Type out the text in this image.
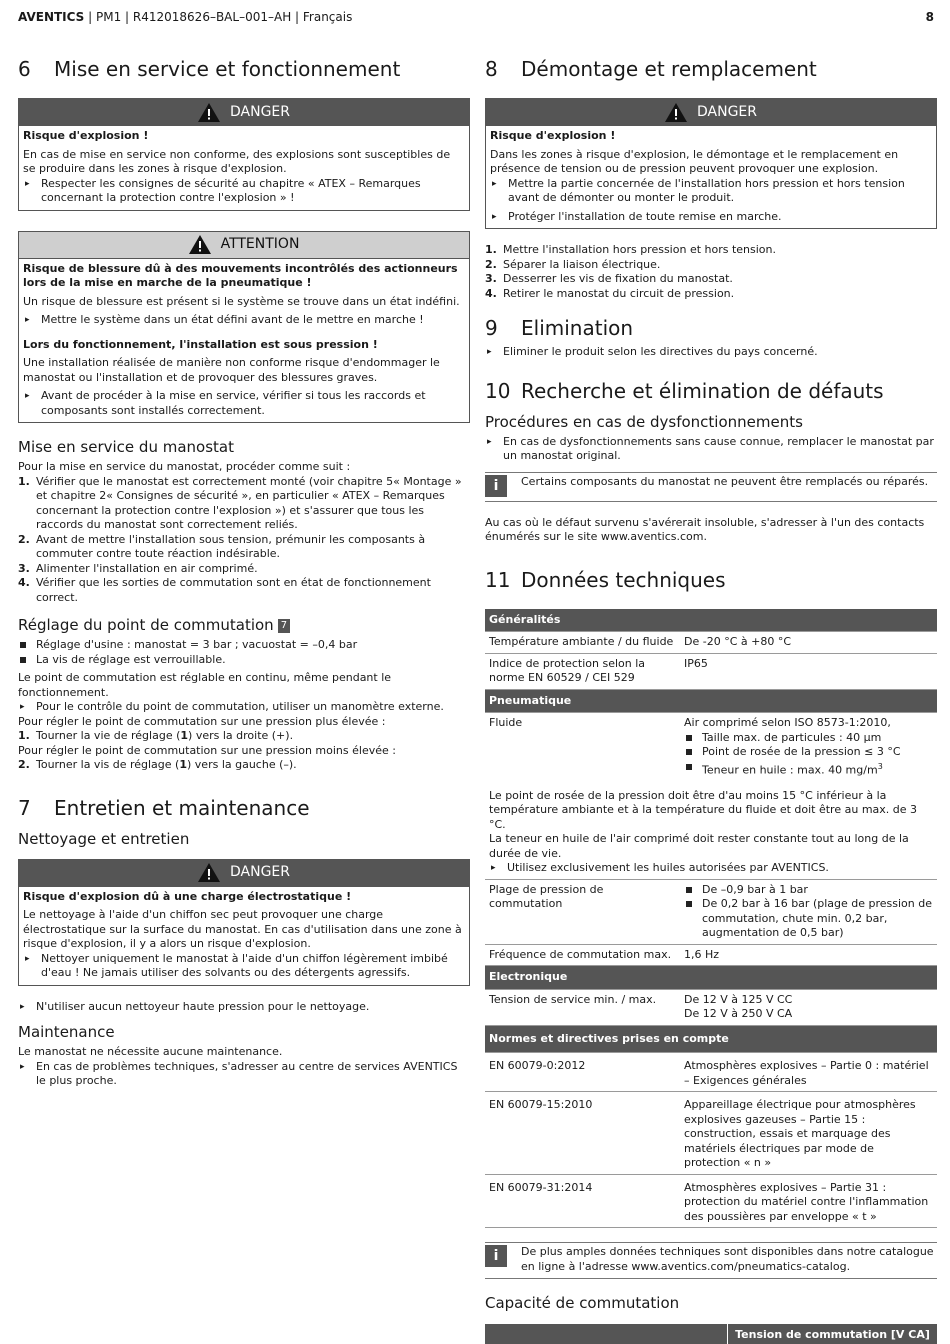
AVENTICS | PM1 | R412018626–BAL–001–AH | Français	8
6	Mise en service et fonctionnement
DANGER

Risque d'explosion !

En cas de mise en service non conforme, des explosions sont susceptibles de se produire dans les zones à risque d'explosion.

▸ Respecter les consignes de sécurité au chapitre « ATEX – Remarques concernant la protection contre l'explosion » !

ATTENTION

Risque de blessure dû à des mouvements incontrôlés des actionneurs lors de la mise en marche de la pneumatique !

Un risque de blessure est présent si le système se trouve dans un état indéfini.

▸ Mettre le système dans un état défini avant de le mettre en marche !

Lors du fonctionnement, l'installation est sous pression !

Une installation réalisée de manière non conforme risque d'endommager le manostat ou l'installation et de provoquer des blessures graves.

▸ Avant de procéder à la mise en service, vérifier si tous les raccords et composants sont installés correctement.

Mise en service du manostat

Pour la mise en service du manostat, procéder comme suit :

1. Vérifier que le manostat est correctement monté (voir chapitre 5« Montage » et chapitre 2« Consignes de sécurité », en particulier « ATEX – Remarques concernant la protection contre l'explosion ») et s'assurer que tous les raccords du manostat sont correctement reliés.
2. Avant de mettre l'installation sous tension, prémunir les composants à commuter contre toute réaction indésirable.
3. Alimenter l'installation en air comprimé.
4. Vérifier que les sorties de commutation sont en état de fonctionnement correct.
Réglage du point de commutation 7

Réglage d'usine : manostat = 3 bar ; vacuostat = –0,4 bar

La vis de réglage est verrouillable.

Le point de commutation est réglable en continu, même pendant le fonctionnement.

▸ Pour le contrôle du point de commutation, utiliser un manomètre externe.

Pour régler le point de commutation sur une pression plus élevée :

1. Tourner la vie de réglage (1) vers la droite (+).

Pour régler le point de commutation sur une pression moins élevée :

2. Tourner la vis de réglage (1) vers la gauche (–).
7	Entretien et maintenance
Nettoyage et entretien
DANGER

Risque d'explosion dû à une charge électrostatique !

Le nettoyage à l'aide d'un chiffon sec peut provoquer une charge électrostatique sur la surface du manostat. En cas d'utilisation dans une zone à risque d'explosion, il y a alors un risque d'explosion.

▸ Nettoyer uniquement le manostat à l'aide d'un chiffon légèrement imbibé d'eau ! Ne jamais utiliser des solvants ou des détergents agressifs.

▸ N'utiliser aucun nettoyeur haute pression pour le nettoyage.

Maintenance

Le manostat ne nécessite aucune maintenance.

▸ En cas de problèmes techniques, s'adresser au centre de services AVENTICS le plus proche.

8	Démontage et remplacement
DANGER

Risque d'explosion !

Dans les zones à risque d'explosion, le démontage et le remplacement en présence de tension ou de pression peuvent provoquer une explosion.

▸ Mettre la partie concernée de l'installation hors pression et hors tension avant de démonter ou monter le produit.

▸ Protéger l'installation de toute remise en marche.

1. Mettre l'installation hors pression et hors tension.
2. Séparer la liaison électrique.
3. Desserrer les vis de fixation du manostat.
4. Retirer le manostat du circuit de pression.
9	Elimination

▸ Eliminer le produit selon les directives du pays concerné.

10 Recherche et élimination de défauts
Procédures en cas de dysfonctionnements

▸ En cas de dysfonctionnements sans cause connue, remplacer le manostat par un manostat original.

i	Certains composants du manostat ne peuvent être remplacés ou réparés.

Au cas où le défaut survenu s'avérerait insoluble, s'adresser à l'un des contacts énumérés sur le site www.aventics.com.

11 Données techniques
Généralités	
Température ambiante / du fluide	De -20 °C à +80 °C
Indice de protection selon la norme EN 60529 / CEI 529	IP65
Pneumatique	
Fluide	Air comprimé selon ISO 8573-1:2010,

Taille max. de particules : 40 µm

Point de rosée de la pression ≤ 3 °C

Teneur en huile : max. 40 $mg/m^3$

Le point de rosée de la pression doit être d'au moins 15 °C inférieur à la température ambiante et à la température du fluide et doit être au max. de 3 °C.

La teneur en huile de l'air comprimé doit rester constante tout au long de la durée de vie.

▸ Utilisez exclusivement les huiles autorisées par AVENTICS.

Plage de pression de commutation	De –0,9 bar à 1 bar

De 0,2 bar à 16 bar (plage de pression de commutation, chute min. 0,2 bar, augmentation de 0,5 bar)

Fréquence de commutation max.	1,6 Hz
Electronique	
Tension de service min. / max.	De 12 V à 125 V CC

De 12 V à 250 V CA

Normes et directives prises en compte	
EN 60079-0:2012	Atmosphères explosives – Partie 0 : matériel – Exigences générales
EN 60079-15:2010	Appareillage électrique pour atmosphères explosives gazeuses – Partie 15 : construction, essais et marquage des matériels électriques par mode de protection « n »
EN 60079-31:2014	Atmosphères explosives – Partie 31 : protection du matériel contre l'inflammation des poussières par enveloppe « t »
i	De plus amples données techniques sont disponibles dans notre catalogue en ligne à l'adresse www.aventics.com/pneumatics-catalog.

Capacité de commutation
Tension de commutation [V CA]
